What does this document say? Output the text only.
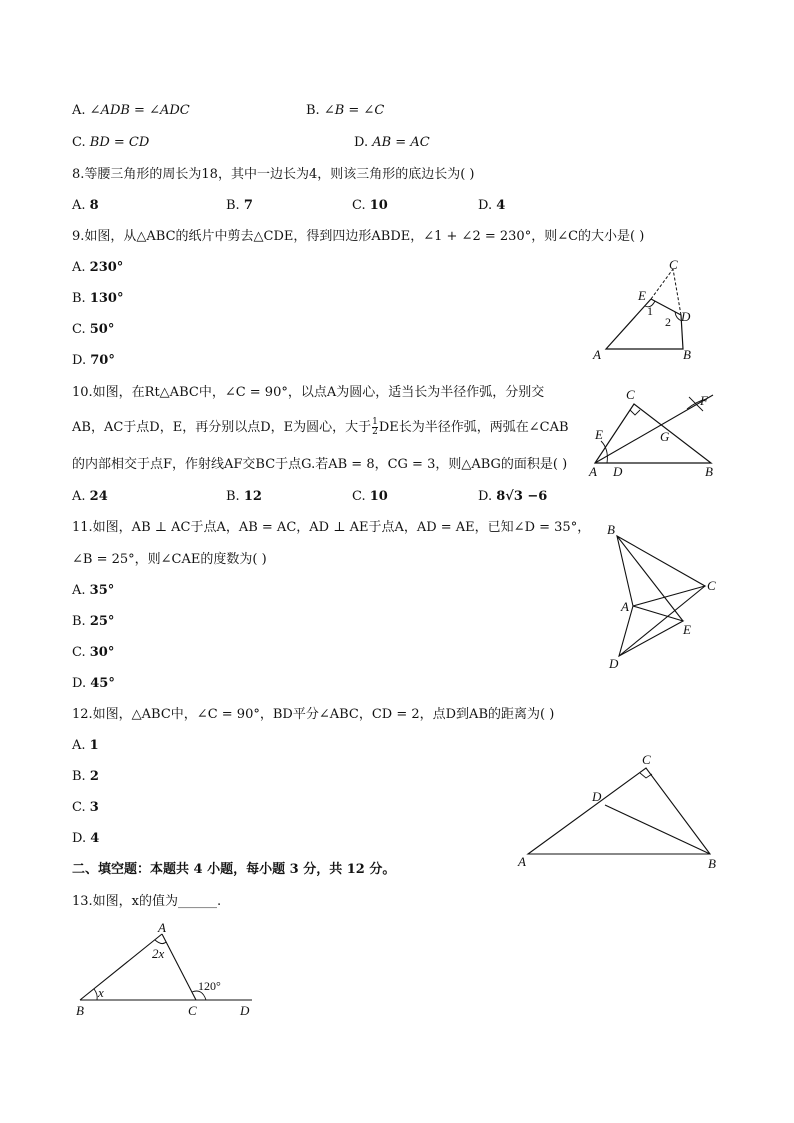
A. ∠ADB = ∠ADC	B. ∠B = ∠C
C. BD = CD	D. AB = AC
8.等腰三角形的周长为18，其中一边长为4，则该三角形的底边长为( )
A. 8	B. 7	C. 10	D. 4
9.如图，从△ABC的纸片中剪去△CDE，得到四边形ABDE，∠1 + ∠2 = 230°，则∠C的大小是( )
A. 230°
B. 130°
C. 50°
D. 70°
C
E
1
2 D
A	B
10.如图，在Rt△ABC中，∠C = 90°，以点A为圆心，适当长为半径作弧，分别交
AB，AC于点D，E，再分别以点D，E为圆心，大于 $\frac{1}{2}$ DE长为半径作弧，两弧在∠CAB
的内部相交于点F，作射线AF交BC于点G.若AB = 8，CG = 3，则△ABG的面积是( )
A. 24	B. 12	C. 10	D. 8√3 −6
C	F
E	G
A D	B
11.如图，AB ⊥ AC于点A，AB = AC，AD ⊥ AE于点A，AD = AE，已知∠D = 35°，
∠B = 25°，则∠CAE的度数为( )
A. 35°
B. 25°
C. 30°
D. 45°
B
C
A
E
D
12.如图，△ABC中，∠C = 90°，BD平分∠ABC，CD = 2，点D到AB的距离为( )
A. 1
B. 2
C. 3
D. 4
C
D
A	B
二、填空题：本题共 4 小题，每小题 3 分，共 12 分。
13.如图，x的值为______.
A
2x
x	120°
B	C	D
